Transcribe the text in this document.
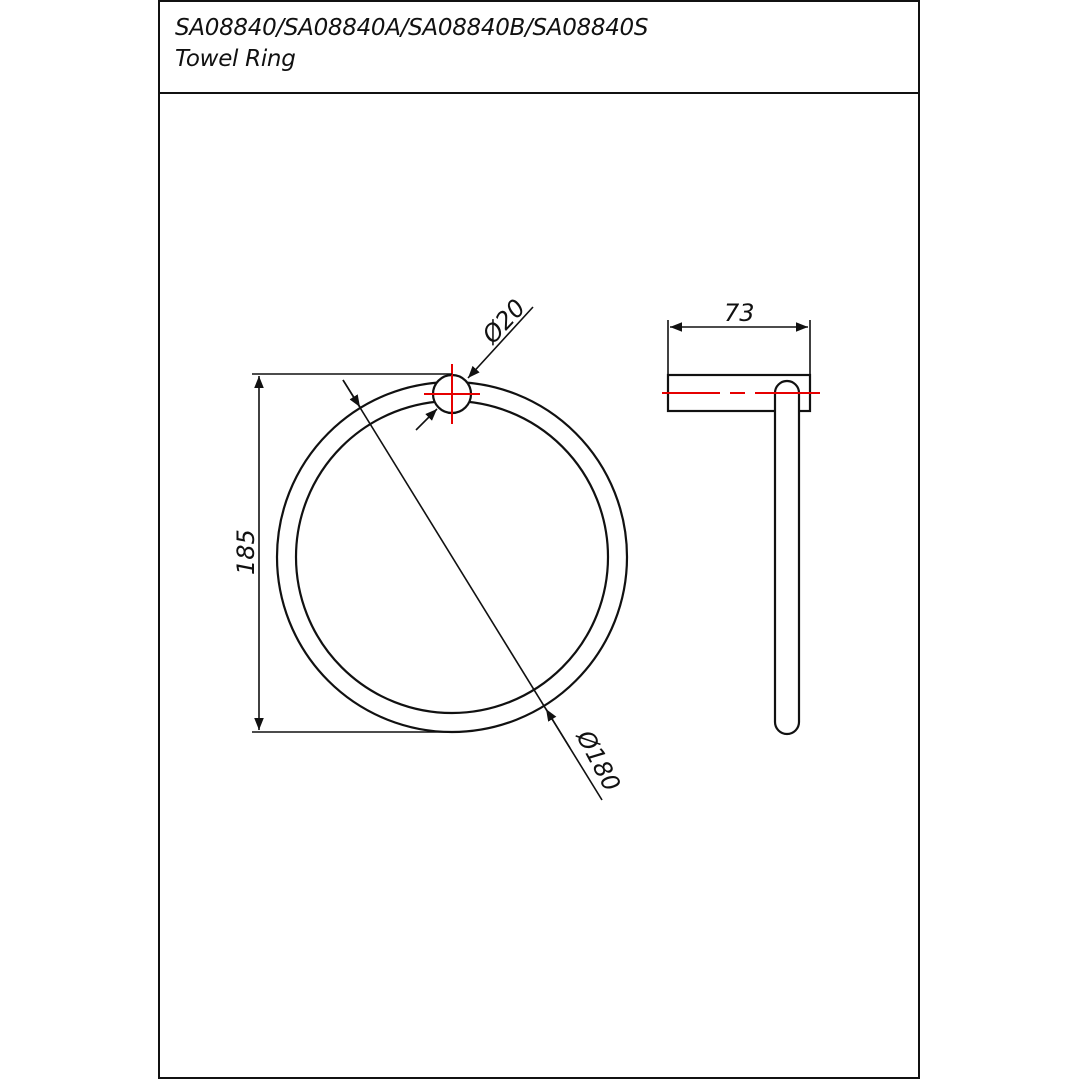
SA08840/SA08840A/SA08840B/SA08840S
Towel Ring
Ø20
Ø180
185
73
